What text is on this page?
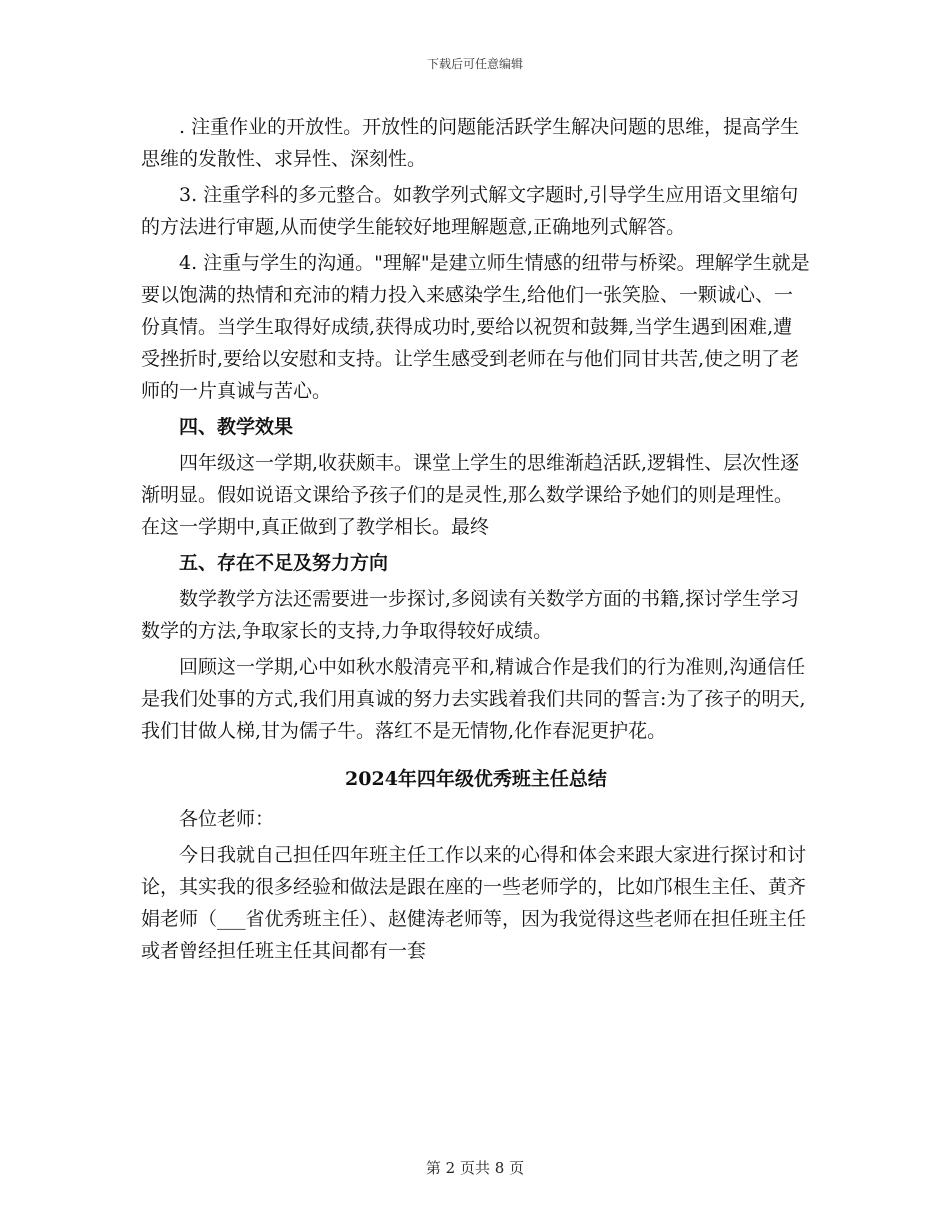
下载后可任意编辑

. 注重作业的开放性。开放性的问题能活跃学生解决问题的思维，提高学生思维的发散性、求异性、深刻性。

3. 注重学科的多元整合。如教学列式解文字题时,引导学生应用语文里缩句的方法进行审题,从而使学生能较好地理解题意,正确地列式解答。

4. 注重与学生的沟通。"理解"是建立师生情感的纽带与桥梁。理解学生就是要以饱满的热情和充沛的精力投入来感染学生,给他们一张笑脸、一颗诚心、一份真情。当学生取得好成绩,获得成功时,要给以祝贺和鼓舞,当学生遇到困难,遭受挫折时,要给以安慰和支持。让学生感受到老师在与他们同甘共苦,使之明了老师的一片真诚与苦心。

四、教学效果

四年级这一学期,收获颇丰。课堂上学生的思维渐趋活跃,逻辑性、层次性逐渐明显。假如说语文课给予孩子们的是灵性,那么数学课给予她们的则是理性。在这一学期中,真正做到了教学相长。最终

五、存在不足及努力方向

数学教学方法还需要进一步探讨,多阅读有关数学方面的书籍,探讨学生学习数学的方法,争取家长的支持,力争取得较好成绩。

回顾这一学期,心中如秋水般清亮平和,精诚合作是我们的行为准则,沟通信任是我们处事的方式,我们用真诚的努力去实践着我们共同的誓言:为了孩子的明天,我们甘做人梯,甘为儒子牛。落红不是无情物,化作春泥更护花。

2024年四年级优秀班主任总结

各位老师：

今日我就自己担任四年班主任工作以来的心得和体会来跟大家进行探讨和讨论，其实我的很多经验和做法是跟在座的一些老师学的，比如邝根生主任、黄齐娟老师（___省优秀班主任）、赵健涛老师等，因为我觉得这些老师在担任班主任或者曾经担任班主任其间都有一套

第 2 页共 8 页
